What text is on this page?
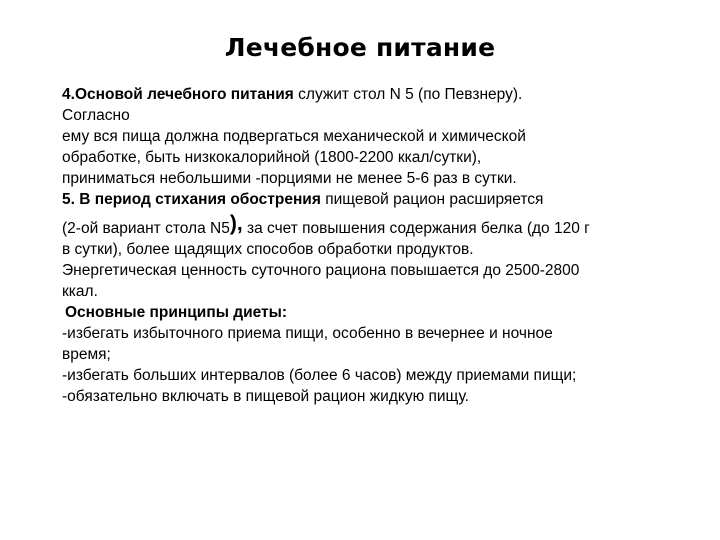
Лечебное питание
4.Основой лечебного питания служит стол N 5 (по Певзнеру).
Согласно
ему вся пища должна подвергаться механической и химической
обработке, быть низкокалорийной (1800-2200 ккал/сутки),
приниматься небольшими -порциями не менее 5-6 раз в сутки.
5. В период стихания обострения пищевой рацион расширяется
(2-ой вариант стола N5), за счет повышения содержания белка (до 120 г
в сутки), более щадящих способов обработки продуктов.
Энергетическая ценность суточного рациона повышается до 2500-2800
ккал.
Основные принципы диеты:
-избегать избыточного приема пищи, особенно в вечернее и ночное
время;
-избегать больших интервалов (более 6 часов) между приемами пищи;
-обязательно включать в пищевой рацион жидкую пищу.
